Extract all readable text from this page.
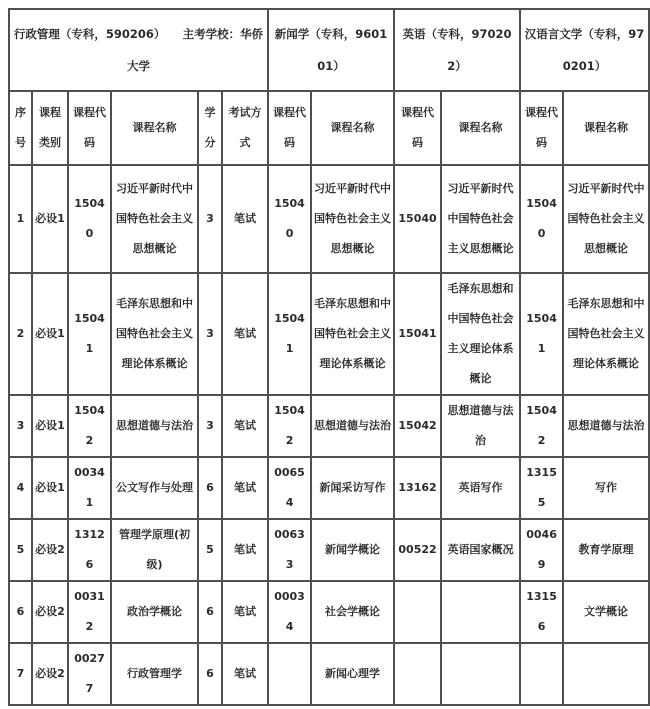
行政管理（专科，590206）　　主考学校：华侨大学						新闻学（专科，960101）		英语（专科，970202）		汉语言文学（专科，970201）	
序号	课程类别	课程代码	课程名称	学分	考试方式	课程代码	课程名称	课程代码	课程名称	课程代码	课程名称
1	必设1	15040	习近平新时代中国特色社会主义思想概论	3	笔试	15040	习近平新时代中国特色社会主义思想概论	15040	习近平新时代中国特色社会主义思想概论	15040	习近平新时代中国特色社会主义思想概论
2	必设1	15041	毛泽东思想和中国特色社会主义理论体系概论	3	笔试	15041	毛泽东思想和中国特色社会主义理论体系概论	15041	毛泽东思想和中国特色社会主义理论体系概论	15041	毛泽东思想和中国特色社会主义理论体系概论
3	必设1	15042	思想道德与法治	3	笔试	15042	思想道德与法治	15042	思想道德与法治	15042	思想道德与法治
4	必设1	00341	公文写作与处理	6	笔试	00654	新闻采访写作	13162	英语写作	13155	写作
5	必设2	13126	管理学原理(初级)	5	笔试	00633	新闻学概论	00522	英语国家概况	00469	教育学原理
6	必设2	00312	政治学概论	6	笔试	00034	社会学概论			13156	文学概论
7	必设2	00277	行政管理学	6	笔试		新闻心理学				
